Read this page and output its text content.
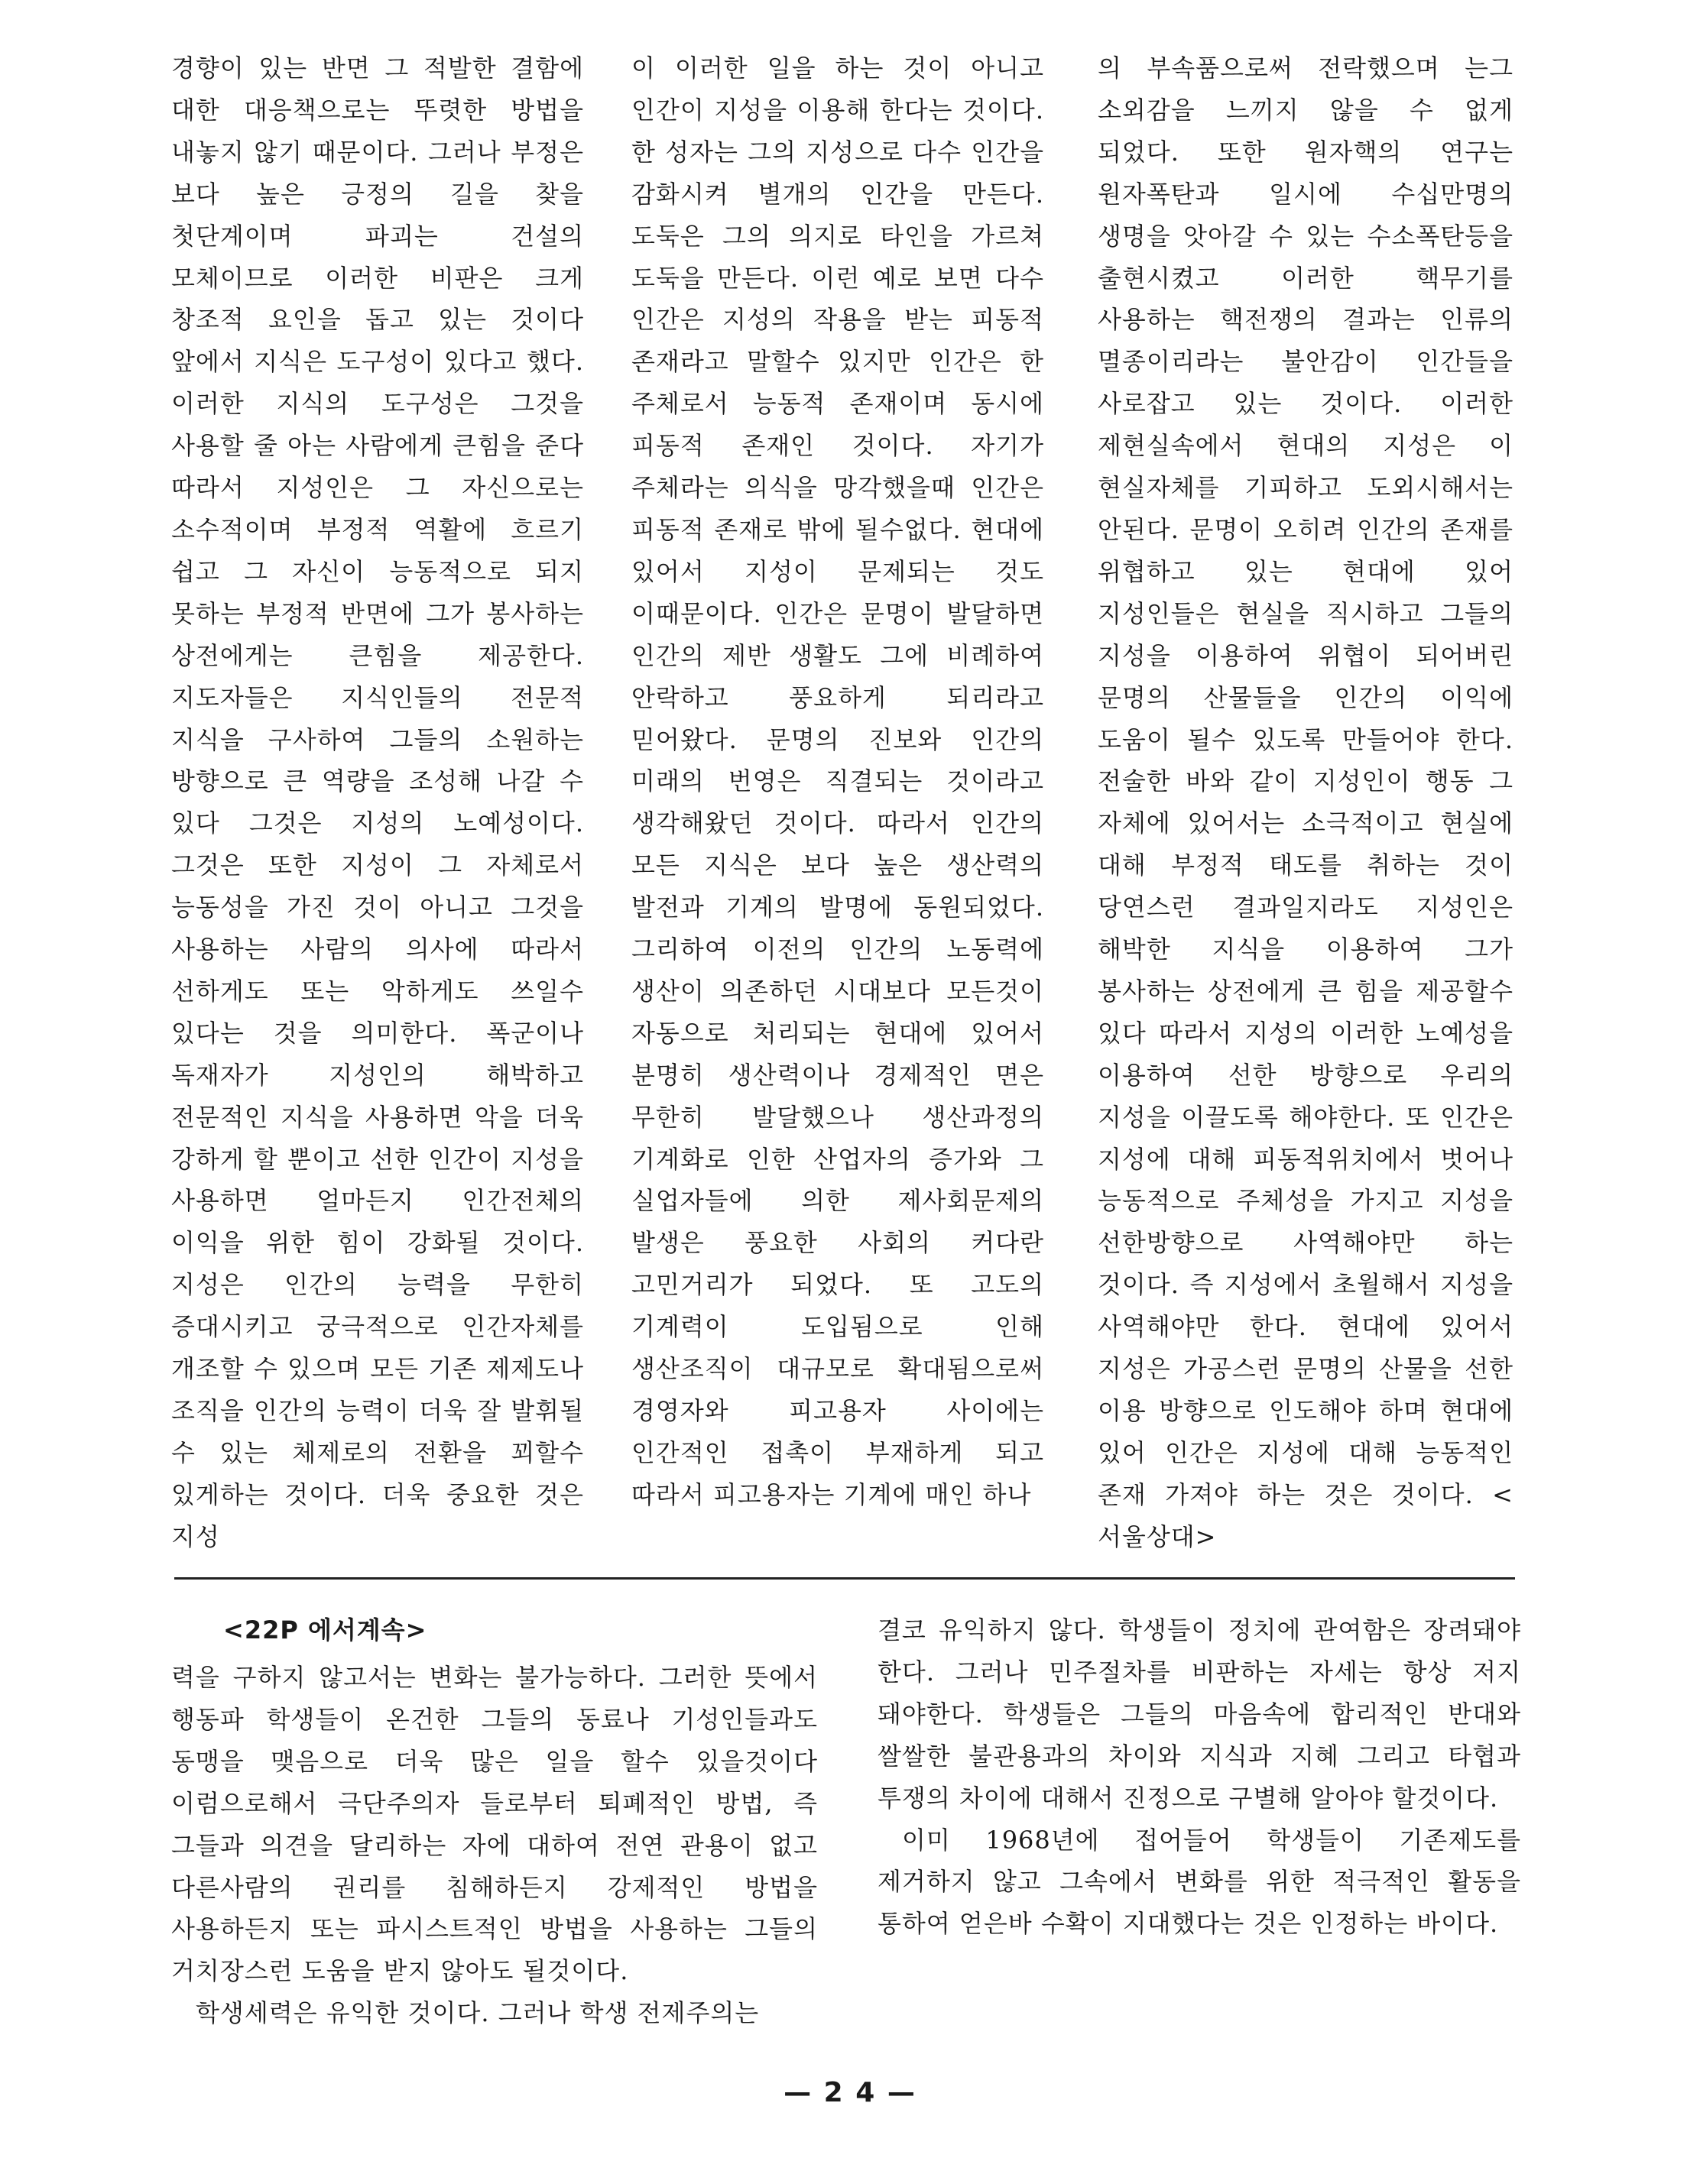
경향이 있는 반면 그 적발한 결함에 대한 대응책으로는 뚜렷한 방법을 내놓지 않기 때문이다. 그러나 부정은 보다 높은 긍정의 길을 찾을 첫단계이며 파괴는 건설의 모체이므로 이러한 비판은 크게 창조적 요인을 돕고 있는 것이다 앞에서 지식은 도구성이 있다고 했다. 이러한 지식의 도구성은 그것을 사용할 줄 아는 사람에게 큰힘을 준다 따라서 지성인은 그 자신으로는 소수적이며 부정적 역활에 흐르기 쉽고 그 자신이 능동적으로 되지 못하는 부정적 반면에 그가 봉사하는 상전에게는 큰힘을 제공한다. 지도자들은 지식인들의 전문적 지식을 구사하여 그들의 소원하는 방향으로 큰 역량을 조성해 나갈 수 있다 그것은 지성의 노예성이다. 그것은 또한 지성이 그 자체로서 능동성을 가진 것이 아니고 그것을 사용하는 사람의 의사에 따라서 선하게도 또는 악하게도 쓰일수 있다는 것을 의미한다. 폭군이나 독재자가 지성인의 해박하고 전문적인 지식을 사용하면 악을 더욱 강하게 할 뿐이고 선한 인간이 지성을 사용하면 얼마든지 인간전체의 이익을 위한 힘이 강화될 것이다. 지성은 인간의 능력을 무한히 증대시키고 궁극적으로 인간자체를 개조할 수 있으며 모든 기존 제제도나 조직을 인간의 능력이 더욱 잘 발휘될 수 있는 체제로의 전환을 꾀할수 있게하는 것이다. 더욱 중요한 것은 지성
이 이러한 일을 하는 것이 아니고 인간이 지성을 이용해 한다는 것이다. 한 성자는 그의 지성으로 다수 인간을 감화시켜 별개의 인간을 만든다. 도둑은 그의 의지로 타인을 가르쳐 도둑을 만든다. 이런 예로 보면 다수 인간은 지성의 작용을 받는 피동적 존재라고 말할수 있지만 인간은 한 주체로서 능동적 존재이며 동시에 피동적 존재인 것이다. 자기가 주체라는 의식을 망각했을때 인간은 피동적 존재로 밖에 될수없다. 현대에 있어서 지성이 문제되는 것도 이때문이다. 인간은 문명이 발달하면 인간의 제반 생활도 그에 비례하여 안락하고 풍요하게 되리라고 믿어왔다. 문명의 진보와 인간의 미래의 번영은 직결되는 것이라고 생각해왔던 것이다. 따라서 인간의 모든 지식은 보다 높은 생산력의 발전과 기계의 발명에 동원되었다. 그리하여 이전의 인간의 노동력에 생산이 의존하던 시대보다 모든것이 자동으로 처리되는 현대에 있어서 분명히 생산력이나 경제적인 면은 무한히 발달했으나 생산과정의 기계화로 인한 산업자의 증가와 그 실업자들에 의한 제사회문제의 발생은 풍요한 사회의 커다란 고민거리가 되었다. 또 고도의 기계력이 도입됨으로 인해 생산조직이 대규모로 확대됨으로써 경영자와 피고용자 사이에는 인간적인 접촉이 부재하게 되고 따라서 피고용자는 기계에 매인 하나
의 부속품으로써 전락했으며 는그 소외감을 느끼지 않을 수 없게 되었다. 또한 원자핵의 연구는 원자폭탄과 일시에 수십만명의 생명을 앗아갈 수 있는 수소폭탄등을 출현시켰고 이러한 핵무기를 사용하는 핵전쟁의 결과는 인류의 멸종이리라는 불안감이 인간들을 사로잡고 있는 것이다. 이러한 제현실속에서 현대의 지성은 이 현실자체를 기피하고 도외시해서는 안된다. 문명이 오히려 인간의 존재를 위협하고 있는 현대에 있어 지성인들은 현실을 직시하고 그들의 지성을 이용하여 위협이 되어버린 문명의 산물들을 인간의 이익에 도움이 될수 있도록 만들어야 한다. 전술한 바와 같이 지성인이 행동 그 자체에 있어서는 소극적이고 현실에 대해 부정적 태도를 취하는 것이 당연스런 결과일지라도 지성인은 해박한 지식을 이용하여 그가 봉사하는 상전에게 큰 힘을 제공할수 있다 따라서 지성의 이러한 노예성을 이용하여 선한 방향으로 우리의 지성을 이끌도록 해야한다. 또 인간은 지성에 대해 피동적위치에서 벗어나 능동적으로 주체성을 가지고 지성을 선한방향으로 사역해야만 하는 것이다. 즉 지성에서 초월해서 지성을 사역해야만 한다. 현대에 있어서 지성은 가공스런 문명의 산물을 선한 이용 방향으로 인도해야 하며 현대에 있어 인간은 지성에 대해 능동적인 존재 가져야 하는 것은 것이다. <서울상대>
<22P 에서계속>

력을 구하지 않고서는 변화는 불가능하다. 그러한 뜻에서 행동파 학생들이 온건한 그들의 동료나 기성인들과도 동맹을 맺음으로 더욱 많은 일을 할수 있을것이다 이럼으로해서 극단주의자 들로부터 퇴폐적인 방법, 즉 그들과 의견을 달리하는 자에 대하여 전연 관용이 없고 다른사람의 권리를 침해하든지 강제적인 방법을 사용하든지 또는 파시스트적인 방법을 사용하는 그들의 거치장스런 도움을 받지 않아도 될것이다.

학생세력은 유익한 것이다. 그러나 학생 전제주의는

결코 유익하지 않다. 학생들이 정치에 관여함은 장려돼야 한다. 그러나 민주절차를 비판하는 자세는 항상 저지 돼야한다. 학생들은 그들의 마음속에 합리적인 반대와 쌀쌀한 불관용과의 차이와 지식과 지혜 그리고 타협과 투쟁의 차이에 대해서 진정으로 구별해 알아야 할것이다.

이미 1968년에 접어들어 학생들이 기존제도를 제거하지 않고 그속에서 변화를 위한 적극적인 활동을 통하여 얻은바 수확이 지대했다는 것은 인정하는 바이다.

— 2 4 —
